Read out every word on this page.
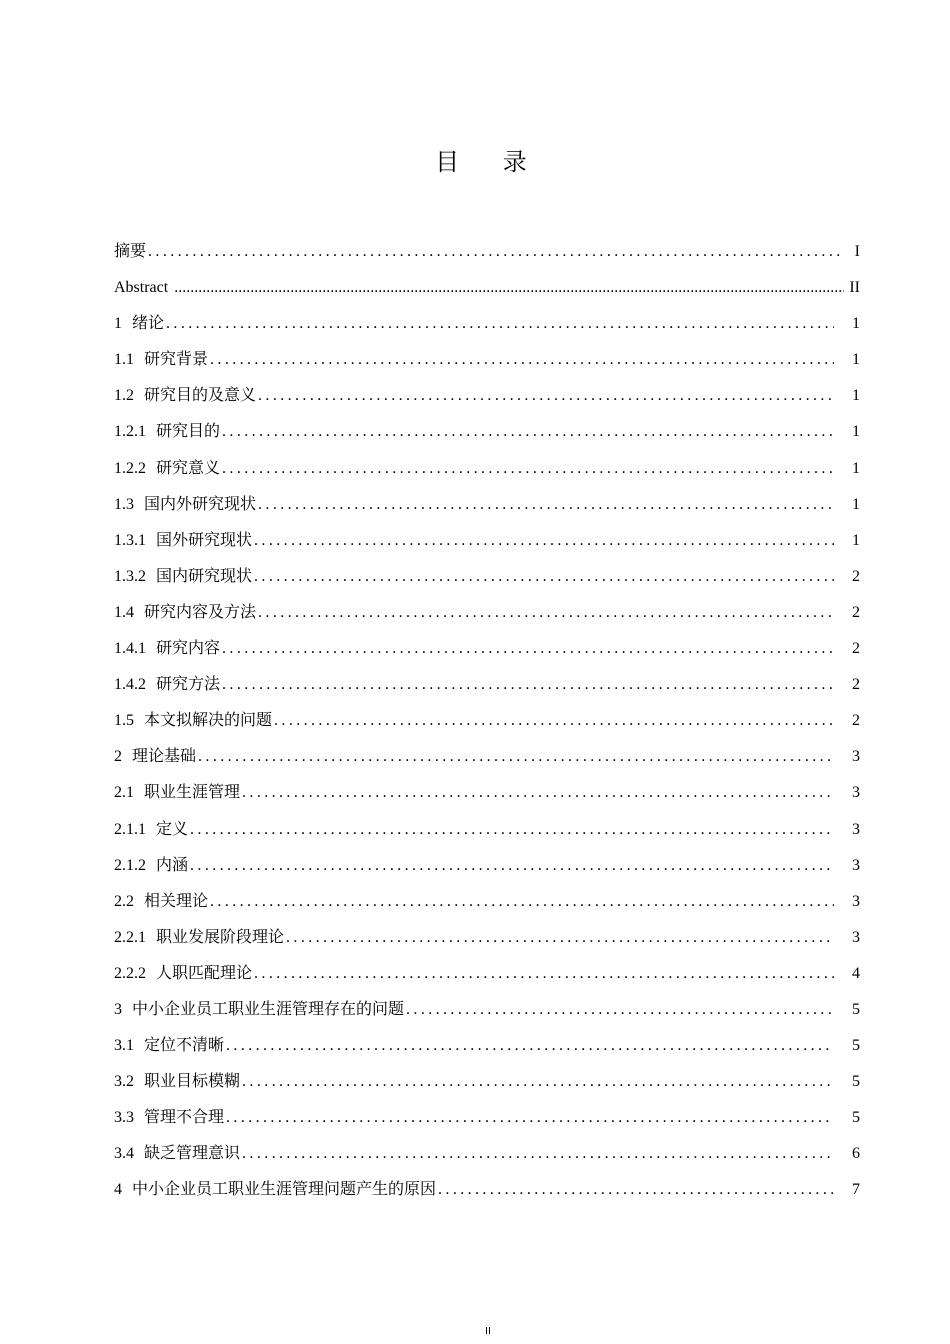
目 录
摘要 .....	I
Abstract .....	II
1 绪论 .....	1
1.1 研究背景 .....	1
1.2 研究目的及意义 .....	1
1.2.1 研究目的 .....	1
1.2.2 研究意义 .....	1
1.3 国内外研究现状 .....	1
1.3.1 国外研究现状 .....	1
1.3.2 国内研究现状 .....	2
1.4 研究内容及方法 .....	2
1.4.1 研究内容 .....	2
1.4.2 研究方法 .....	2
1.5 本文拟解决的问题 .....	2
2 理论基础 .....	3
2.1 职业生涯管理 .....	3
2.1.1 定义 .....	3
2.1.2 内涵 .....	3
2.2 相关理论 .....	3
2.2.1 职业发展阶段理论 .....	3
2.2.2 人职匹配理论 .....	4
3 中小企业员工职业生涯管理存在的问题 .....	5
3.1 定位不清晰 .....	5
3.2 职业目标模糊 .....	5
3.3 管理不合理 .....	5
3.4 缺乏管理意识 .....	6
4 中小企业员工职业生涯管理问题产生的原因 .....	7
II
